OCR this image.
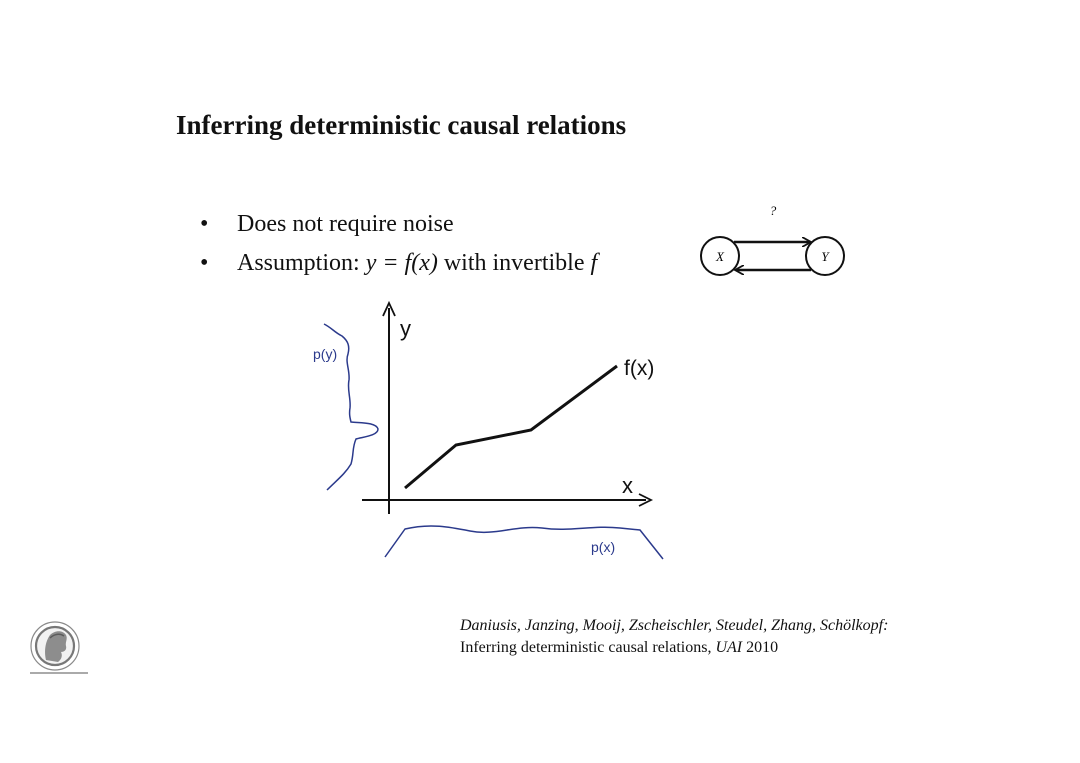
Inferring deterministic causal relations
• Does not require noise
• Assumption: y = f(x) with invertible f
?
X	Y
y
x
f(x)
p(y)
p(x)
Daniusis, Janzing, Mooij, Zscheischler, Steudel, Zhang, Schölkopf:
Inferring deterministic causal relations, UAI 2010
